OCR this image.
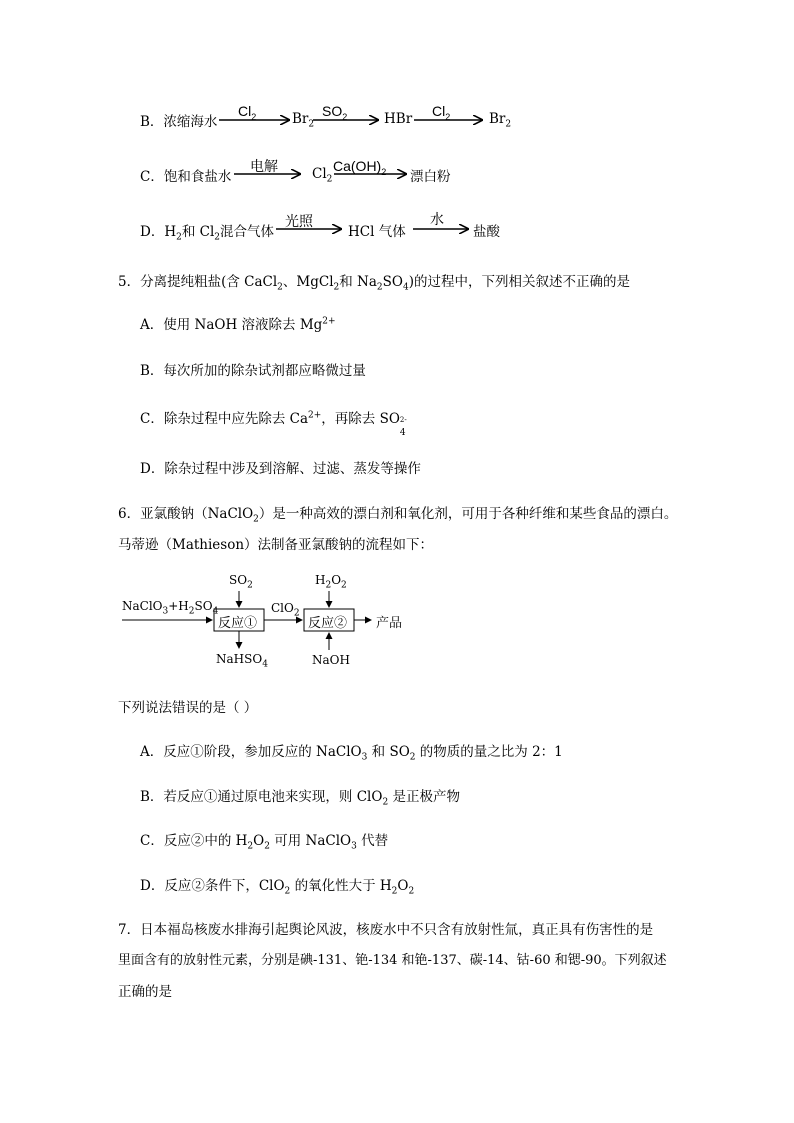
B．浓缩海水
$Cl_2$	$Br_2$
$SO_2$	HBr $Cl_2$	$Br_2$
C．饱和食盐水
电解	$Cl_2$
$Ca(OH)_2$ 漂白粉
D．$H_2$和 $Cl_2$混合气体
光照
HCl 气体
水
盐酸
5．分离提纯粗盐(含 CaCl$_2$、MgCl$_2$和 $Na_2SO_4$)的过程中，下列相关叙述不正确的是
A．使用 NaOH 溶液除去 $Mg^{2+}$
B．每次所加的除杂试剂都应略微过量
C．除杂过程中应先除去 $Ca^{2+}$，再除去 SO 2-
4
D．除杂过程中涉及到溶解、过滤、蒸发等操作
6．亚氯酸钠（NaClO$_2$）是一种高效的漂白剂和氧化剂，可用于各种纤维和某些食品的漂白。
马蒂逊（Mathieson）法制备亚氯酸钠的流程如下：
$NaClO_3+H_2SO_4$
$SO_2$
反应①
ClO$_2$
$H_2O_2$
反应② 产品
NaHSO$_4$	NaOH
下列说法错误的是（ ）
A．反应①阶段，参加反应的 NaClO$_3$ 和 $SO_2$ 的物质的量之比为 2：1
B．若反应①通过原电池来实现，则 ClO$_2$ 是正极产物
C．反应②中的 $H_2O_2$ 可用 NaClO$_3$ 代替
D．反应②条件下，ClO$_2$ 的氧化性大于 $H_2O_2$
7．日本福岛核废水排海引起舆论风波，核废水中不只含有放射性氚，真正具有伤害性的是
里面含有的放射性元素，分别是碘-131、铯-134 和铯-137、碳-14、钴-60 和锶-90。下列叙述
正确的是
